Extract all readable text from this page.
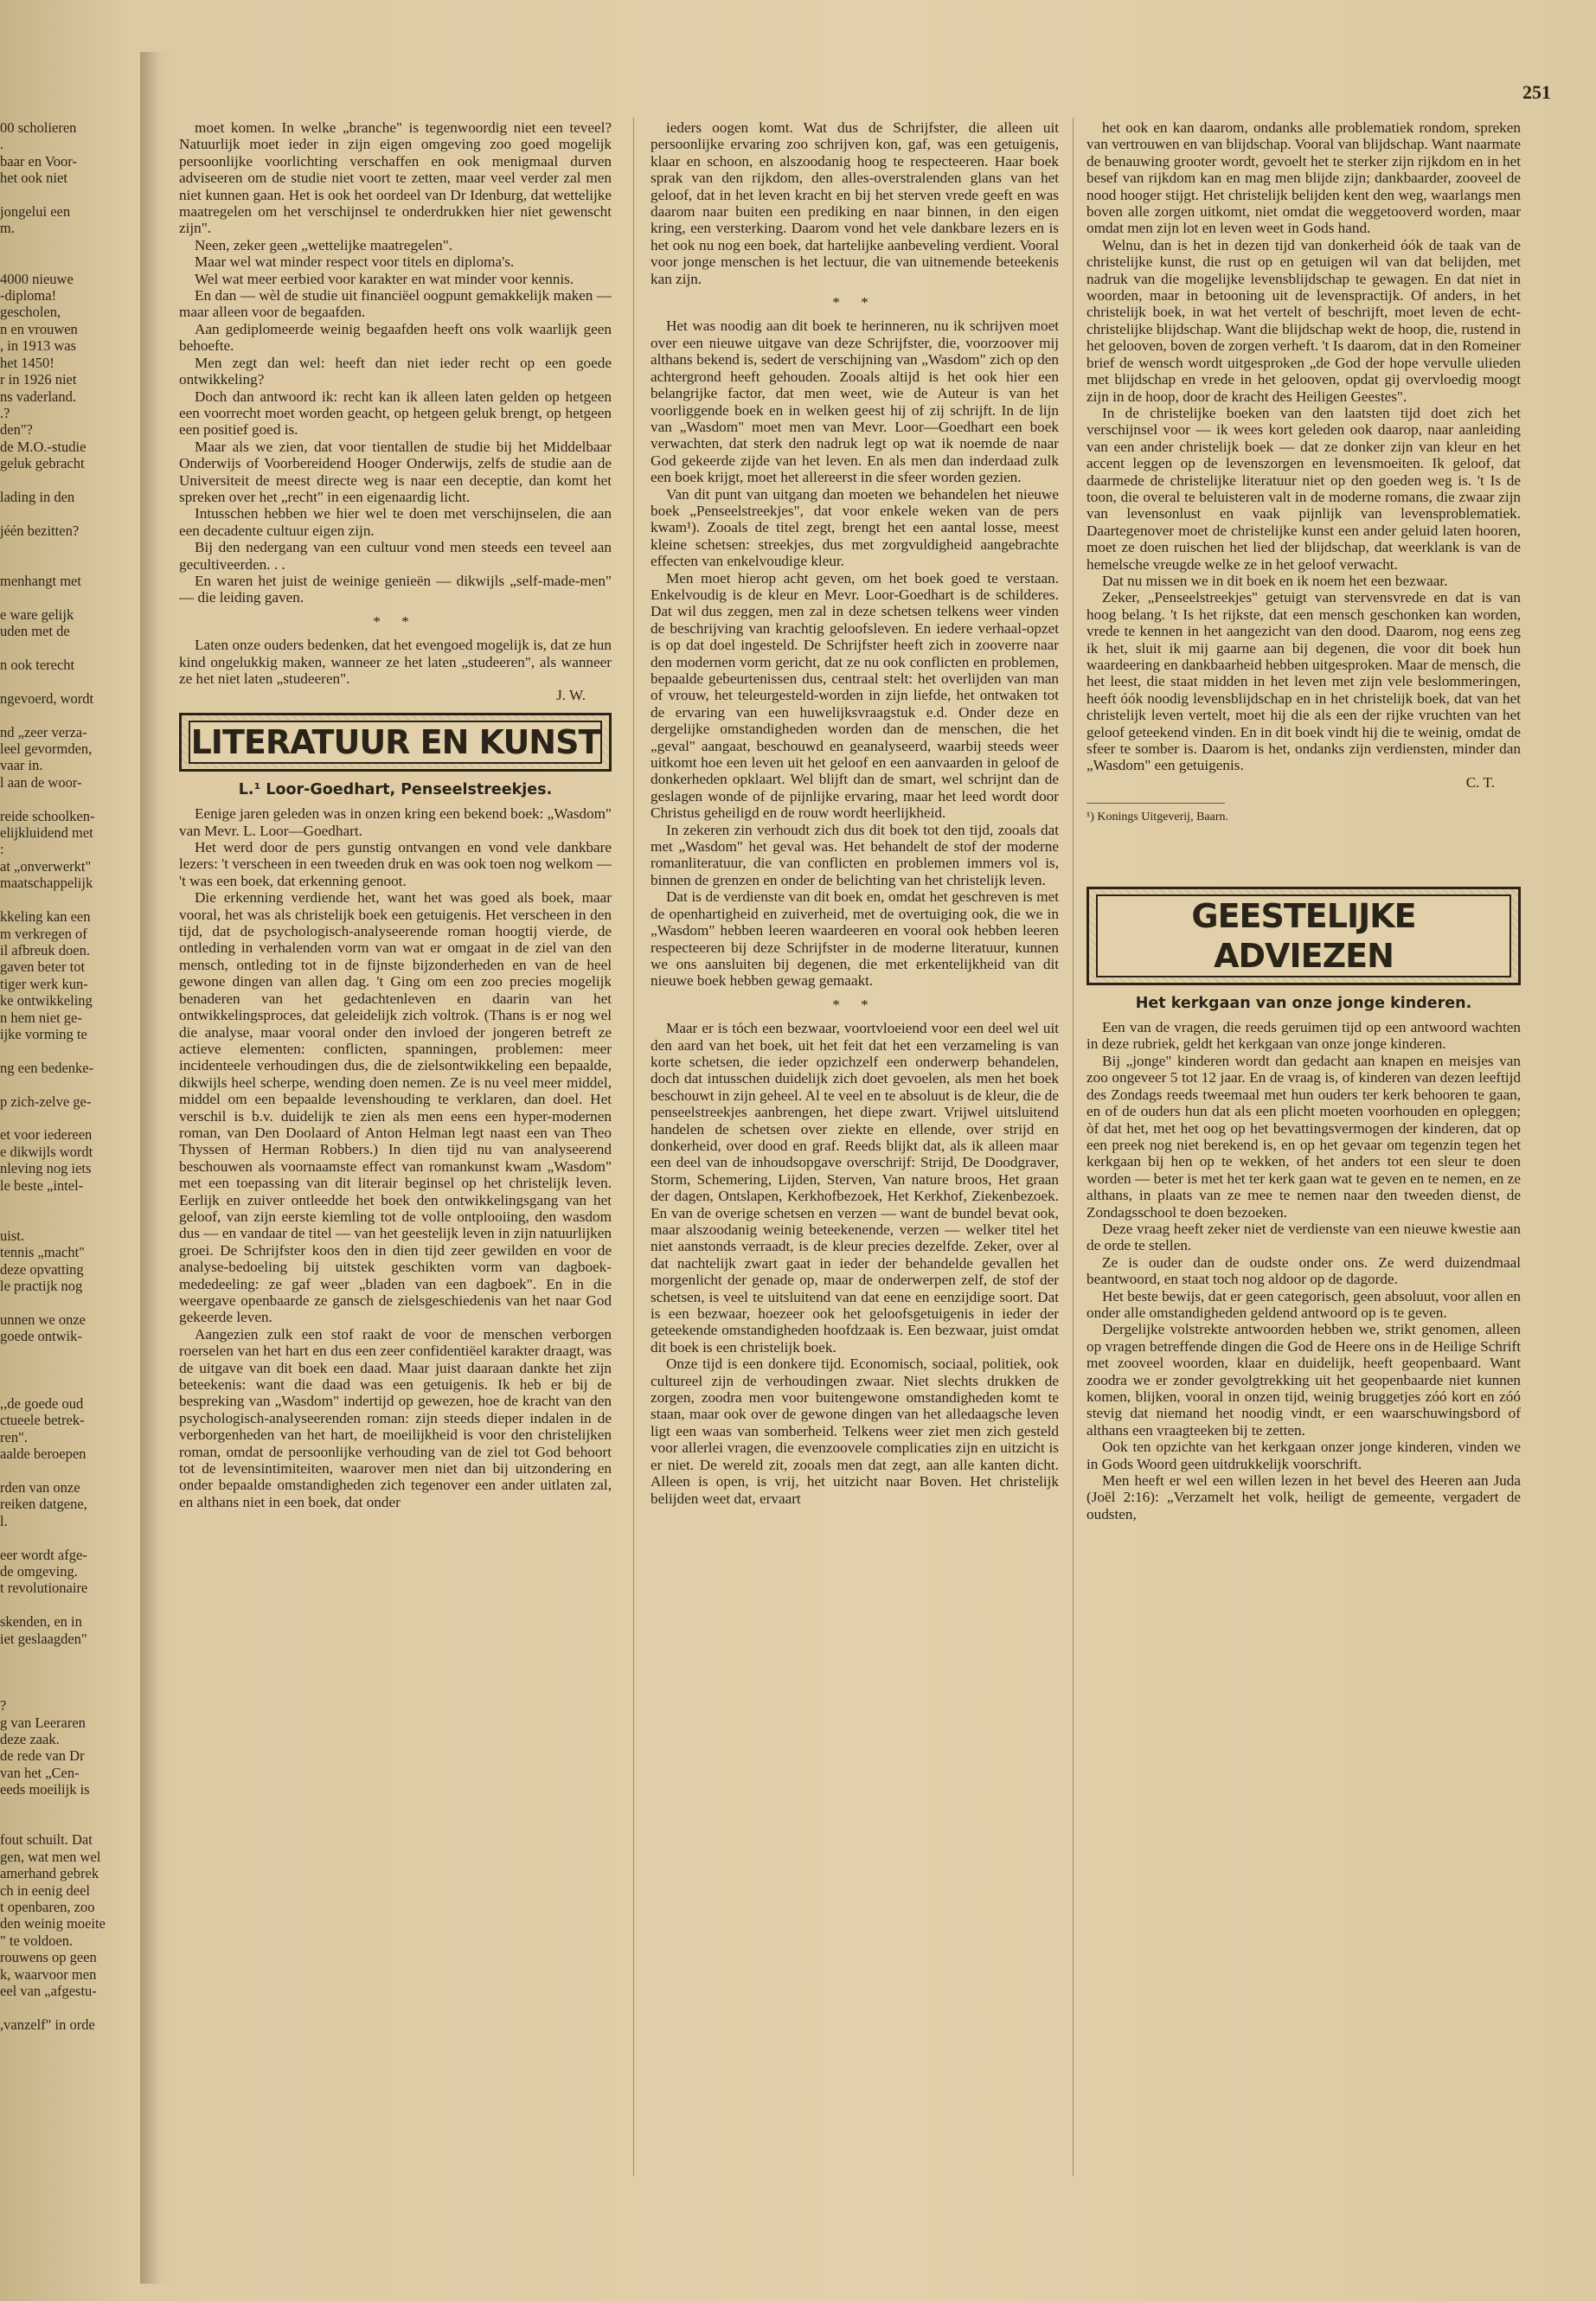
251
00 scholieren
.
baar en Voor-
het ook niet

jongelui een
m.

4000 nieuwe
-diploma!
gescholen,
n en vrouwen
, in 1913 was
het 1450!
r in 1926 niet
ns vaderland.
.?
den"?
de M.O.-studie
geluk gebracht

lading in den

jéén bezitten?

menhangt met

e ware gelijk
uden met de

n ook terecht

ngevoerd, wordt

nd „zeer verza-
leel gevormden,
vaar in.
l aan de woor-

reide schoolken-
elijkluidend met
:
at „onverwerkt"
maatschappelijk

kkeling kan een
m verkregen of
il afbreuk doen.
gaven beter tot
tiger werk kun-
ke ontwikkeling
n hem niet ge-
ijke vorming te

ng een bedenke-

p zich-zelve ge-

et voor iedereen
e dikwijls wordt
nleving nog iets
le beste „intel-

uist.
tennis „macht"
deze opvatting
le practijk nog

unnen we onze
goede ontwik-

,,de goede oud
ctueele betrek-
ren".
aalde beroepen

rden van onze
reiken datgene,
l.

eer wordt afge-
de omgeving.
t revolutionaire

skenden, en in
iet geslaagden"

?
g van Leeraren
deze zaak.
de rede van Dr
van het „Cen-
eeds moeilijk is

fout schuilt. Dat
gen, wat men wel
amerhand gebrek
ch in eenig deel
t openbaren, zoo
den weinig moeite
" te voldoen.
rouwens op geen
k, waarvoor men
eel van „afgestu-

,vanzelf" in orde

moet komen. In welke „branche" is tegenwoordig niet een teveel? Natuurlijk moet ieder in zijn eigen omgeving zoo goed mogelijk persoonlijke voorlichting verschaffen en ook menigmaal durven adviseeren om de studie niet voort te zetten, maar veel verder zal men niet kunnen gaan. Het is ook het oordeel van Dr Idenburg, dat wettelijke maatregelen om het verschijnsel te onderdrukken hier niet gewenscht zijn".

Neen, zeker geen „wettelijke maatregelen".

Maar wel wat minder respect voor titels en diploma's.

Wel wat meer eerbied voor karakter en wat minder voor kennis.

En dan — wèl de studie uit financiëel oogpunt gemakkelijk maken — maar alleen voor de begaafden.

Aan gediplomeerde weinig begaafden heeft ons volk waarlijk geen behoefte.

Men zegt dan wel: heeft dan niet ieder recht op een goede ontwikkeling?

Doch dan antwoord ik: recht kan ik alleen laten gelden op hetgeen een voorrecht moet worden geacht, op hetgeen geluk brengt, op hetgeen een positief goed is.

Maar als we zien, dat voor tientallen de studie bij het Middelbaar Onderwijs of Voorbereidend Hooger Onderwijs, zelfs de studie aan de Universiteit de meest directe weg is naar een deceptie, dan komt het spreken over het „recht" in een eigenaardig licht.

Intusschen hebben we hier wel te doen met verschijnselen, die aan een decadente cultuur eigen zijn.

Bij den nedergang van een cultuur vond men steeds een teveel aan gecultiveerden. . .

En waren het juist de weinige genieën — dikwijls „self-made-men" — die leiding gaven.

* *

Laten onze ouders bedenken, dat het evengoed mogelijk is, dat ze hun kind ongelukkig maken, wanneer ze het laten „studeeren", als wanneer ze het niet laten „studeeren".

J. W.
LITERATUUR EN KUNST
L.¹ Loor-Goedhart, Penseelstreekjes.

Eenige jaren geleden was in onzen kring een bekend boek: „Wasdom" van Mevr. L. Loor—Goedhart.

Het werd door de pers gunstig ontvangen en vond vele dankbare lezers: 't verscheen in een tweeden druk en was ook toen nog welkom — 't was een boek, dat erkenning genoot.

Die erkenning verdiende het, want het was goed als boek, maar vooral, het was als christelijk boek een getuigenis. Het verscheen in den tijd, dat de psychologisch-analyseerende roman hoogtij vierde, de ontleding in verhalenden vorm van wat er omgaat in de ziel van den mensch, ontleding tot in de fijnste bijzonderheden en van de heel gewone dingen van allen dag. 't Ging om een zoo precies mogelijk benaderen van het gedachtenleven en daarin van het ontwikkelingsproces, dat geleidelijk zich voltrok. (Thans is er nog wel die analyse, maar vooral onder den invloed der jongeren betreft ze actieve elementen: conflicten, spanningen, problemen: meer incidenteele verhoudingen dus, die de zielsontwikkeling een bepaalde, dikwijls heel scherpe, wending doen nemen. Ze is nu veel meer middel, middel om een bepaalde levenshouding te verklaren, dan doel. Het verschil is b.v. duidelijk te zien als men eens een hyper-modernen roman, van Den Doolaard of Anton Helman legt naast een van Theo Thyssen of Herman Robbers.) In dien tijd nu van analyseerend beschouwen als voornaamste effect van romankunst kwam „Wasdom" met een toepassing van dit literair beginsel op het christelijk leven. Eerlijk en zuiver ontleedde het boek den ontwikkelingsgang van het geloof, van zijn eerste kiemling tot de volle ontplooiing, den wasdom dus — en vandaar de titel — van het geestelijk leven in zijn natuurlijken groei. De Schrijfster koos den in dien tijd zeer gewilden en voor de analyse-bedoeling bij uitstek geschikten vorm van dagboek-mededeeling: ze gaf weer „bladen van een dagboek". En in die weergave openbaarde ze gansch de zielsgeschiedenis van het naar God gekeerde leven.

Aangezien zulk een stof raakt de voor de menschen verborgen roerselen van het hart en dus een zeer confidentiëel karakter draagt, was de uitgave van dit boek een daad. Maar juist daaraan dankte het zijn beteekenis: want die daad was een getuigenis. Ik heb er bij de bespreking van „Wasdom" indertijd op gewezen, hoe de kracht van den psychologisch-analyseerenden roman: zijn steeds dieper indalen in de verborgenheden van het hart, de moeilijkheid is voor den christelijken roman, omdat de persoonlijke verhouding van de ziel tot God behoort tot de levensintimiteiten, waarover men niet dan bij uitzondering en onder bepaalde omstandigheden zich tegenover een ander uitlaten zal, en althans niet in een boek, dat onder

ieders oogen komt. Wat dus de Schrijfster, die alleen uit persoonlijke ervaring zoo schrijven kon, gaf, was een getuigenis, klaar en schoon, en alszoodanig hoog te respecteeren. Haar boek sprak van den rijkdom, den alles-overstralenden glans van het geloof, dat in het leven kracht en bij het sterven vrede geeft en was daarom naar buiten een prediking en naar binnen, in den eigen kring, een versterking. Daarom vond het vele dankbare lezers en is het ook nu nog een boek, dat hartelijke aanbeveling verdient. Vooral voor jonge menschen is het lectuur, die van uitnemende beteekenis kan zijn.

* *

Het was noodig aan dit boek te herinneren, nu ik schrijven moet over een nieuwe uitgave van deze Schrijfster, die, voorzoover mij althans bekend is, sedert de verschijning van „Wasdom" zich op den achtergrond heeft gehouden. Zooals altijd is het ook hier een belangrijke factor, dat men weet, wie de Auteur is van het voorliggende boek en in welken geest hij of zij schrijft. In de lijn van „Wasdom" moet men van Mevr. Loor—Goedhart een boek verwachten, dat sterk den nadruk legt op wat ik noemde de naar God gekeerde zijde van het leven. En als men dan inderdaad zulk een boek krijgt, moet het allereerst in die sfeer worden gezien.

Van dit punt van uitgang dan moeten we behandelen het nieuwe boek „Penseelstreekjes", dat voor enkele weken van de pers kwam¹). Zooals de titel zegt, brengt het een aantal losse, meest kleine schetsen: streekjes, dus met zorgvuldigheid aangebrachte effecten van enkelvoudige kleur.

Men moet hierop acht geven, om het boek goed te verstaan. Enkelvoudig is de kleur en Mevr. Loor-Goedhart is de schilderes. Dat wil dus zeggen, men zal in deze schetsen telkens weer vinden de beschrijving van krachtig geloofsleven. En iedere verhaal-opzet is op dat doel ingesteld. De Schrijfster heeft zich in zooverre naar den modernen vorm gericht, dat ze nu ook conflicten en problemen, bepaalde gebeurtenissen dus, centraal stelt: het overlijden van man of vrouw, het teleurgesteld-worden in zijn liefde, het ontwaken tot de ervaring van een huwelijksvraagstuk e.d. Onder deze en dergelijke omstandigheden worden dan de menschen, die het „geval" aangaat, beschouwd en geanalyseerd, waarbij steeds weer uitkomt hoe een leven uit het geloof en een aanvaarden in geloof de donkerheden opklaart. Wel blijft dan de smart, wel schrijnt dan de geslagen wonde of de pijnlijke ervaring, maar het leed wordt door Christus geheiligd en de rouw wordt heerlijkheid.

In zekeren zin verhoudt zich dus dit boek tot den tijd, zooals dat met „Wasdom" het geval was. Het behandelt de stof der moderne romanliteratuur, die van conflicten en problemen immers vol is, binnen de grenzen en onder de belichting van het christelijk leven.

Dat is de verdienste van dit boek en, omdat het geschreven is met de openhartigheid en zuiverheid, met de overtuiging ook, die we in „Wasdom" hebben leeren waardeeren en vooral ook hebben leeren respecteeren bij deze Schrijfster in de moderne literatuur, kunnen we ons aansluiten bij degenen, die met erkentelijkheid van dit nieuwe boek hebben gewag gemaakt.

* *

Maar er is tóch een bezwaar, voortvloeiend voor een deel wel uit den aard van het boek, uit het feit dat het een verzameling is van korte schetsen, die ieder opzichzelf een onderwerp behandelen, doch dat intusschen duidelijk zich doet gevoelen, als men het boek beschouwt in zijn geheel. Al te veel en te absoluut is de kleur, die de penseelstreekjes aanbrengen, het diepe zwart. Vrijwel uitsluitend handelen de schetsen over ziekte en ellende, over strijd en donkerheid, over dood en graf. Reeds blijkt dat, als ik alleen maar een deel van de inhoudsopgave overschrijf: Strijd, De Doodgraver, Storm, Schemering, Lijden, Sterven, Van nature broos, Het graan der dagen, Ontslapen, Kerkhofbezoek, Het Kerkhof, Ziekenbezoek. En van de overige schetsen en verzen — want de bundel bevat ook, maar alszoodanig weinig beteekenende, verzen — welker titel het niet aanstonds verraadt, is de kleur precies dezelfde. Zeker, over al dat nachtelijk zwart gaat in ieder der behandelde gevallen het morgenlicht der genade op, maar de onderwerpen zelf, de stof der schetsen, is veel te uitsluitend van dat eene en eenzijdige soort. Dat is een bezwaar, hoezeer ook het geloofsgetuigenis in ieder der geteekende omstandigheden hoofdzaak is. Een bezwaar, juist omdat dit boek is een christelijk boek.

Onze tijd is een donkere tijd. Economisch, sociaal, politiek, ook cultureel zijn de verhoudingen zwaar. Niet slechts drukken de zorgen, zoodra men voor buitengewone omstandigheden komt te staan, maar ook over de gewone dingen van het alledaagsche leven ligt een waas van somberheid. Telkens weer ziet men zich gesteld voor allerlei vragen, die evenzoovele complicaties zijn en uitzicht is er niet. De wereld zit, zooals men dat zegt, aan alle kanten dicht. Alleen is open, is vrij, het uitzicht naar Boven. Het christelijk belijden weet dat, ervaart

het ook en kan daarom, ondanks alle problematiek rondom, spreken van vertrouwen en van blijdschap. Vooral van blijdschap. Want naarmate de benauwing grooter wordt, gevoelt het te sterker zijn rijkdom en in het besef van rijkdom kan en mag men blijde zijn; dankbaarder, zooveel de nood hooger stijgt. Het christelijk belijden kent den weg, waarlangs men boven alle zorgen uitkomt, niet omdat die weggetooverd worden, maar omdat men zijn lot en leven weet in Gods hand.

Welnu, dan is het in dezen tijd van donkerheid óók de taak van de christelijke kunst, die rust op en getuigen wil van dat belijden, met nadruk van die mogelijke levensblijdschap te gewagen. En dat niet in woorden, maar in betooning uit de levenspractijk. Of anders, in het christelijk boek, in wat het vertelt of beschrijft, moet leven de echt-christelijke blijdschap. Want die blijdschap wekt de hoop, die, rustend in het gelooven, boven de zorgen verheft. 't Is daarom, dat in den Romeiner brief de wensch wordt uitgesproken „de God der hope vervulle ulieden met blijdschap en vrede in het gelooven, opdat gij overvloedig moogt zijn in de hoop, door de kracht des Heiligen Geestes".

In de christelijke boeken van den laatsten tijd doet zich het verschijnsel voor — ik wees kort geleden ook daarop, naar aanleiding van een ander christelijk boek — dat ze donker zijn van kleur en het accent leggen op de levenszorgen en levensmoeiten. Ik geloof, dat daarmede de christelijke literatuur niet op den goeden weg is. 't Is de toon, die overal te beluisteren valt in de moderne romans, die zwaar zijn van levensonlust en vaak pijnlijk van levensproblematiek. Daartegenover moet de christelijke kunst een ander geluid laten hooren, moet ze doen ruischen het lied der blijdschap, dat weerklank is van de hemelsche vreugde welke ze in het geloof verwacht.

Dat nu missen we in dit boek en ik noem het een bezwaar.

Zeker, „Penseelstreekjes" getuigt van stervensvrede en dat is van hoog belang. 't Is het rijkste, dat een mensch geschonken kan worden, vrede te kennen in het aangezicht van den dood. Daarom, nog eens zeg ik het, sluit ik mij gaarne aan bij degenen, die voor dit boek hun waardeering en dankbaarheid hebben uitgesproken. Maar de mensch, die het leest, die staat midden in het leven met zijn vele beslommeringen, heeft óók noodig levensblijdschap en in het christelijk boek, dat van het christelijk leven vertelt, moet hij die als een der rijke vruchten van het geloof geteekend vinden. En in dit boek vindt hij die te weinig, omdat de sfeer te somber is. Daarom is het, ondanks zijn verdiensten, minder dan „Wasdom" een getuigenis.

C. T.
¹) Konings Uitgeverij, Baarn.
GEESTELIJKE ADVIEZEN
Het kerkgaan van onze jonge kinderen.

Een van de vragen, die reeds geruimen tijd op een antwoord wachten in deze rubriek, geldt het kerkgaan van onze jonge kinderen.

Bij „jonge" kinderen wordt dan gedacht aan knapen en meisjes van zoo ongeveer 5 tot 12 jaar. En de vraag is, of kinderen van dezen leeftijd des Zondags reeds tweemaal met hun ouders ter kerk behooren te gaan, en of de ouders hun dat als een plicht moeten voorhouden en opleggen; òf dat het, met het oog op het bevattingsvermogen der kinderen, dat op een preek nog niet berekend is, en op het gevaar om tegenzin tegen het kerkgaan bij hen op te wekken, of het anders tot een sleur te doen worden — beter is met het ter kerk gaan wat te geven en te nemen, en ze althans, in plaats van ze mee te nemen naar den tweeden dienst, de Zondagsschool te doen bezoeken.

Deze vraag heeft zeker niet de verdienste van een nieuwe kwestie aan de orde te stellen.

Ze is ouder dan de oudste onder ons. Ze werd duizendmaal beantwoord, en staat toch nog aldoor op de dagorde.

Het beste bewijs, dat er geen categorisch, geen absoluut, voor allen en onder alle omstandigheden geldend antwoord op is te geven.

Dergelijke volstrekte antwoorden hebben we, strikt genomen, alleen op vragen betreffende dingen die God de Heere ons in de Heilige Schrift met zooveel woorden, klaar en duidelijk, heeft geopenbaard. Want zoodra we er zonder gevolgtrekking uit het geopenbaarde niet kunnen komen, blijken, vooral in onzen tijd, weinig bruggetjes zóó kort en zóó stevig dat niemand het noodig vindt, er een waarschuwingsbord of althans een vraagteeken bij te zetten.

Ook ten opzichte van het kerkgaan onzer jonge kinderen, vinden we in Gods Woord geen uitdrukkelijk voorschrift.

Men heeft er wel een willen lezen in het bevel des Heeren aan Juda (Joël 2:16): „Verzamelt het volk, heiligt de gemeente, vergadert de oudsten,
